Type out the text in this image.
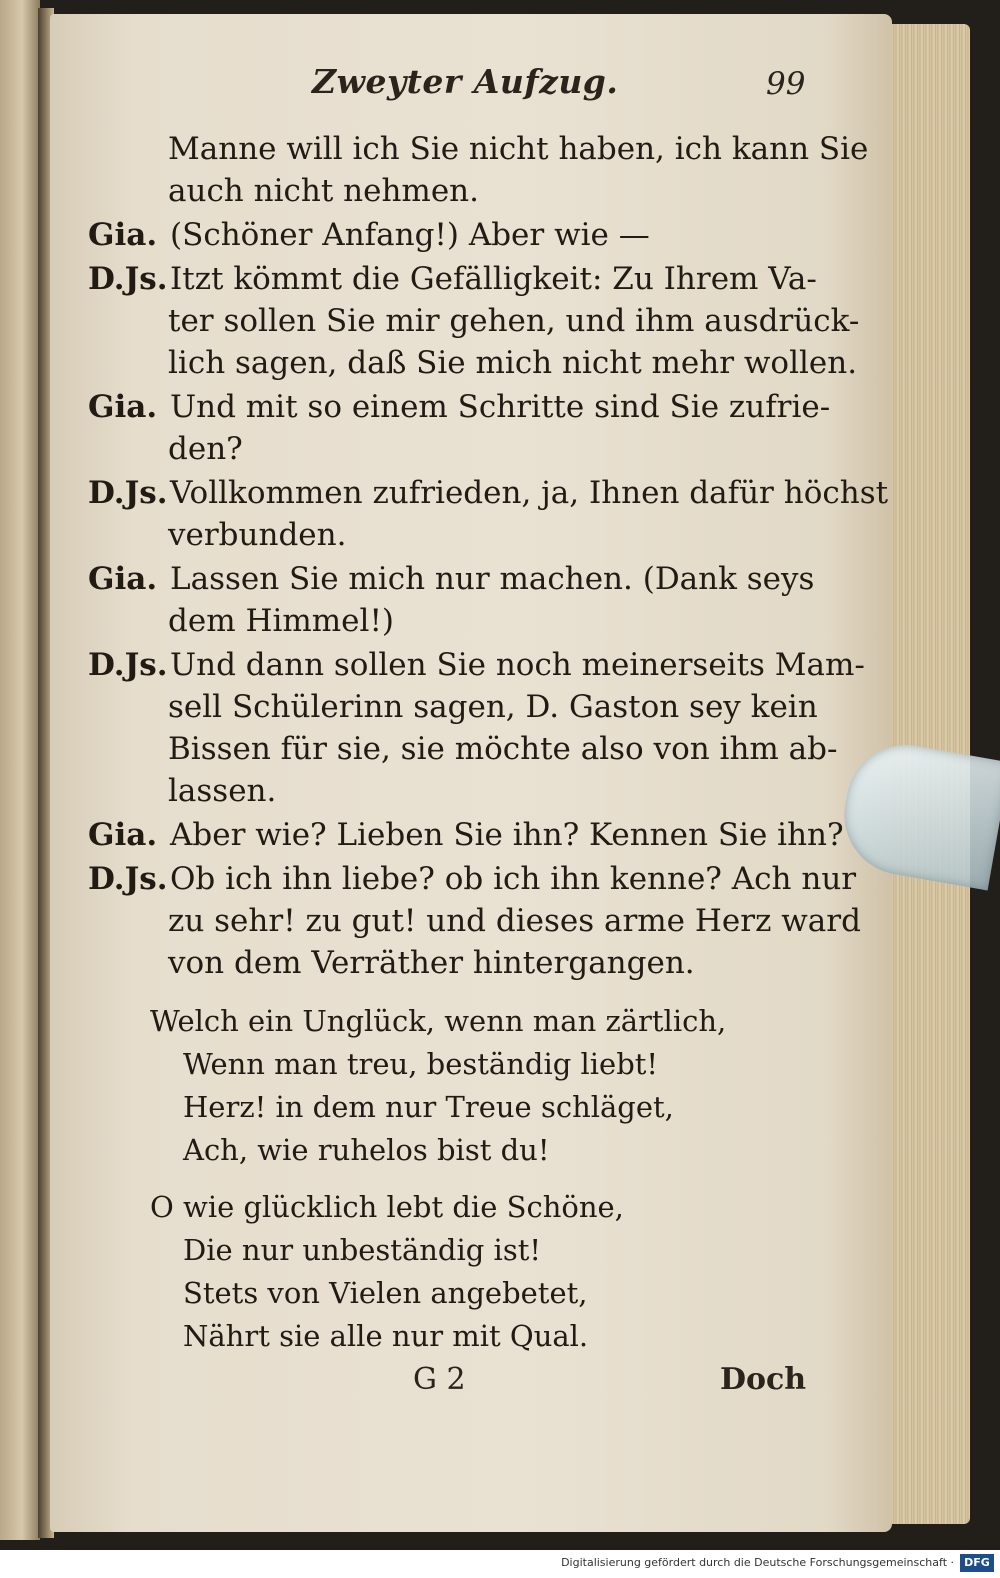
Zweyter Aufzug.	99
Manne will ich Sie nicht haben, ich kann Sie
auch nicht nehmen.
Gia. (Schöner Anfang!) Aber wie —
D.Js. Itzt kömmt die Gefälligkeit: Zu Ihrem Va-
ter sollen Sie mir gehen, und ihm ausdrück-
lich sagen, daß Sie mich nicht mehr wollen.
Gia. Und mit so einem Schritte sind Sie zufrie-
den?
D.Js. Vollkommen zufrieden, ja, Ihnen dafür höchst
verbunden.
Gia. Lassen Sie mich nur machen. (Dank seys
dem Himmel!)
D.Js. Und dann sollen Sie noch meinerseits Mam-
sell Schülerinn sagen, D. Gaston sey kein
Bissen für sie, sie möchte also von ihm ab-
lassen.
Gia. Aber wie? Lieben Sie ihn? Kennen Sie ihn?
D.Js. Ob ich ihn liebe? ob ich ihn kenne? Ach nur
zu sehr! zu gut! und dieses arme Herz ward
von dem Verräther hintergangen.
Welch ein Unglück, wenn man zärtlich,
Wenn man treu, beständig liebt!
Herz! in dem nur Treue schläget,
Ach, wie ruhelos bist du!
O wie glücklich lebt die Schöne,
Die nur unbeständig ist!
Stets von Vielen angebetet,
Nährt sie alle nur mit Qual.
G 2	Doch
Digitalisierung gefördert durch die Deutsche Forschungsgemeinschaft · DFG
